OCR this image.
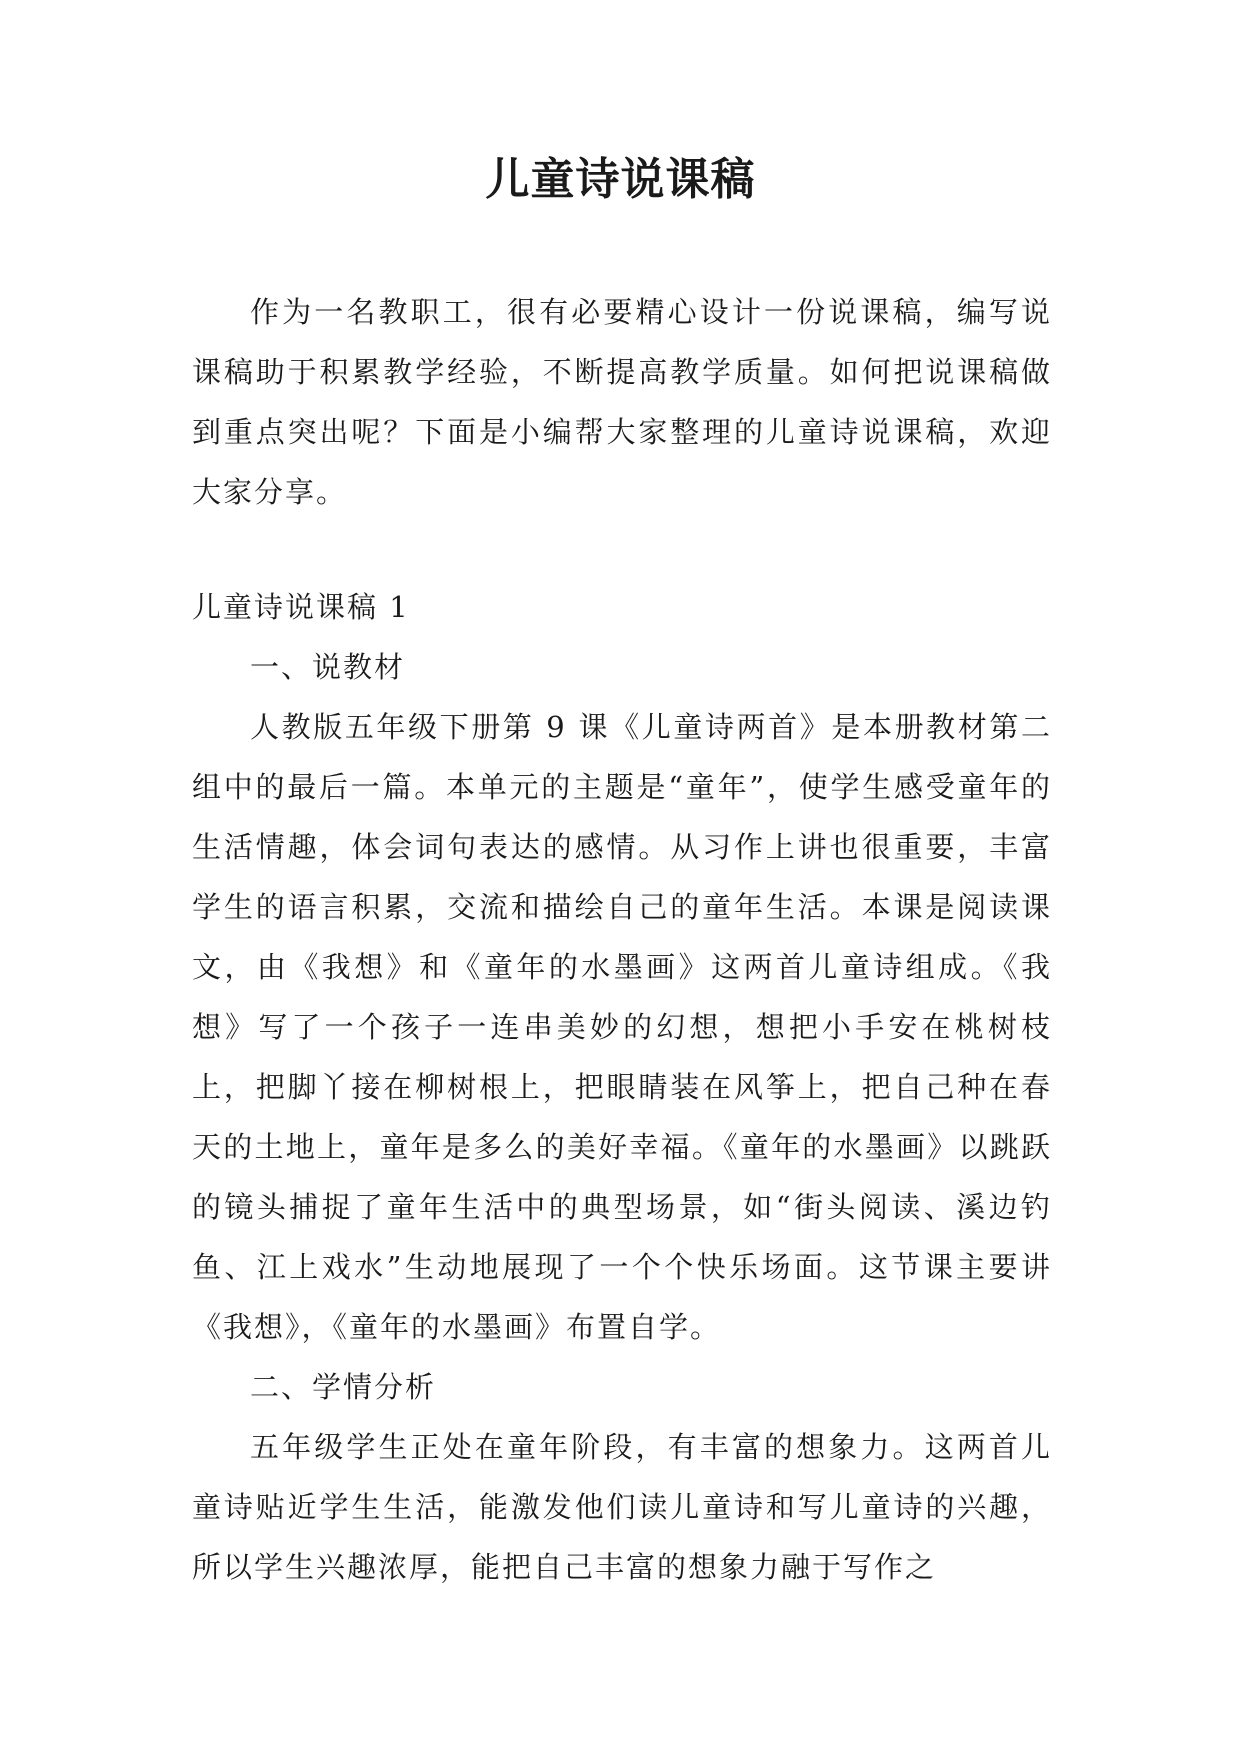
儿童诗说课稿

作为一名教职工，很有必要精心设计一份说课稿，编写说课稿助于积累教学经验，不断提高教学质量。如何把说课稿做到重点突出呢？下面是小编帮大家整理的儿童诗说课稿，欢迎大家分享。

儿童诗说课稿 1

一、说教材

人教版五年级下册第 9 课《儿童诗两首》是本册教材第二组中的最后一篇。本单元的主题是“童年”，使学生感受童年的生活情趣，体会词句表达的感情。从习作上讲也很重要，丰富学生的语言积累，交流和描绘自己的童年生活。本课是阅读课文，由《我想》和《童年的水墨画》这两首儿童诗组成。《我想》写了一个孩子一连串美妙的幻想，想把小手安在桃树枝上，把脚丫接在柳树根上，把眼睛装在风筝上，把自己种在春天的土地上，童年是多么的美好幸福。《童年的水墨画》以跳跃的镜头捕捉了童年生活中的典型场景，如“街头阅读、溪边钓鱼、江上戏水”生动地展现了一个个快乐场面。这节课主要讲《我想》，《童年的水墨画》布置自学。

二、学情分析

五年级学生正处在童年阶段，有丰富的想象力。这两首儿童诗贴近学生生活，能激发他们读儿童诗和写儿童诗的兴趣，所以学生兴趣浓厚，能把自己丰富的想象力融于写作之
